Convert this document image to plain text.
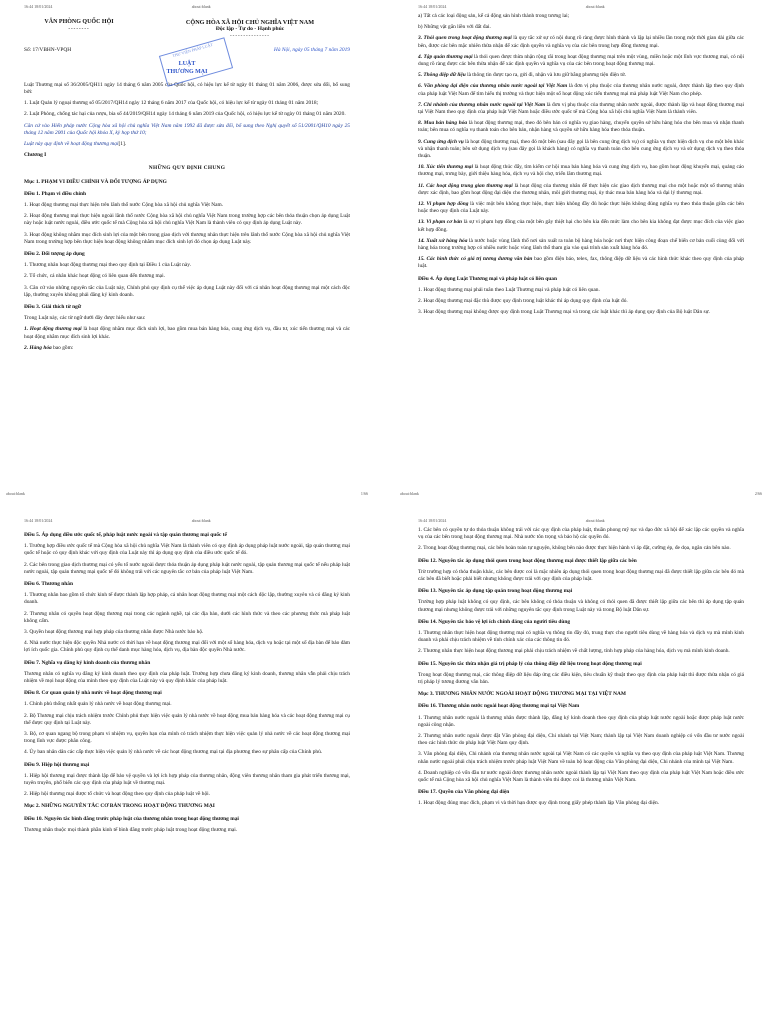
16:44 18/01/2024	about:blank
VĂN PHÒNG QUỐC HỘI
--------
CỘNG HÒA XÃ HỘI CHỦ NGHĨA VIỆT NAM
Độc lập - Tự do - Hạnh phúc
---------------
Số: 17/VBHN-VPQH	Hà Nội, ngày 05 tháng 7 năm 2019
LUẬT
THƯƠNG MẠI
THƯ VIỆN PHÁP LUẬT

Luật Thương mại số 36/2005/QH11 ngày 14 tháng 6 năm 2005 của Quốc hội, có hiệu lực kể từ ngày 01 tháng 01 năm 2006, được sửa đổi, bổ sung bởi:

1. Luật Quản lý ngoại thương số 05/2017/QH14 ngày 12 tháng 6 năm 2017 của Quốc hội, có hiệu lực kể từ ngày 01 tháng 01 năm 2018;

2. Luật Phòng, chống tác hại của rượu, bia số 44/2019/QH14 ngày 14 tháng 6 năm 2019 của Quốc hội, có hiệu lực kể từ ngày 01 tháng 01 năm 2020.

Căn cứ vào Hiến pháp nước Cộng hòa xã hội chủ nghĩa Việt Nam năm 1992 đã được sửa đổi, bổ sung theo Nghị quyết số 51/2001/QH10 ngày 25 tháng 12 năm 2001 của Quốc hội khóa X, kỳ họp thứ 10;

Luật này quy định về hoạt động thương mại[1].

Chương I
NHỮNG QUY ĐỊNH CHUNG
Mục 1. PHẠM VI ĐIỀU CHỈNH VÀ ĐỐI TƯỢNG ÁP DỤNG
Điều 1. Phạm vi điều chỉnh

1. Hoạt động thương mại thực hiện trên lãnh thổ nước Cộng hòa xã hội chủ nghĩa Việt Nam.

2. Hoạt động thương mại thực hiện ngoài lãnh thổ nước Cộng hòa xã hội chủ nghĩa Việt Nam trong trường hợp các bên thỏa thuận chọn áp dụng Luật này hoặc luật nước ngoài, điều ước quốc tế mà Cộng hòa xã hội chủ nghĩa Việt Nam là thành viên có quy định áp dụng Luật này.

3. Hoạt động không nhằm mục đích sinh lợi của một bên trong giao dịch với thương nhân thực hiện trên lãnh thổ nước Cộng hòa xã hội chủ nghĩa Việt Nam trong trường hợp bên thực hiện hoạt động không nhằm mục đích sinh lợi đó chọn áp dụng Luật này.

Điều 2. Đối tượng áp dụng

1. Thương nhân hoạt động thương mại theo quy định tại Điều 1 của Luật này.

2. Tổ chức, cá nhân khác hoạt động có liên quan đến thương mại.

3. Căn cứ vào những nguyên tắc của Luật này, Chính phủ quy định cụ thể việc áp dụng Luật này đối với cá nhân hoạt động thương mại một cách độc lập, thường xuyên không phải đăng ký kinh doanh.

Điều 3. Giải thích từ ngữ

Trong Luật này, các từ ngữ dưới đây được hiểu như sau:

1. Hoạt động thương mại là hoạt động nhằm mục đích sinh lợi, bao gồm mua bán hàng hóa, cung ứng dịch vụ, đầu tư, xúc tiến thương mại và các hoạt động nhằm mục đích sinh lợi khác.

2. Hàng hóa bao gồm:

about:blank	1/66
16:44 18/01/2024	about:blank

a) Tất cả các loại động sản, kể cả động sản hình thành trong tương lai;

b) Những vật gắn liền với đất đai.

3. Thói quen trong hoạt động thương mại là quy tắc xử sự có nội dung rõ ràng được hình thành và lặp lại nhiều lần trong một thời gian dài giữa các bên, được các bên mặc nhiên thừa nhận để xác định quyền và nghĩa vụ của các bên trong hợp đồng thương mại.

4. Tập quán thương mại là thói quen được thừa nhận rộng rãi trong hoạt động thương mại trên một vùng, miền hoặc một lĩnh vực thương mại, có nội dung rõ ràng được các bên thừa nhận để xác định quyền và nghĩa vụ của các bên trong hoạt động thương mại.

5. Thông điệp dữ liệu là thông tin được tạo ra, gửi đi, nhận và lưu giữ bằng phương tiện điện tử.

6. Văn phòng đại diện của thương nhân nước ngoài tại Việt Nam là đơn vị phụ thuộc của thương nhân nước ngoài, được thành lập theo quy định của pháp luật Việt Nam để tìm hiểu thị trường và thực hiện một số hoạt động xúc tiến thương mại mà pháp luật Việt Nam cho phép.

7. Chi nhánh của thương nhân nước ngoài tại Việt Nam là đơn vị phụ thuộc của thương nhân nước ngoài, được thành lập và hoạt động thương mại tại Việt Nam theo quy định của pháp luật Việt Nam hoặc điều ước quốc tế mà Cộng hòa xã hội chủ nghĩa Việt Nam là thành viên.

8. Mua bán hàng hóa là hoạt động thương mại, theo đó bên bán có nghĩa vụ giao hàng, chuyển quyền sở hữu hàng hóa cho bên mua và nhận thanh toán; bên mua có nghĩa vụ thanh toán cho bên bán, nhận hàng và quyền sở hữu hàng hóa theo thỏa thuận.

9. Cung ứng dịch vụ là hoạt động thương mại, theo đó một bên (sau đây gọi là bên cung ứng dịch vụ) có nghĩa vụ thực hiện dịch vụ cho một bên khác và nhận thanh toán; bên sử dụng dịch vụ (sau đây gọi là khách hàng) có nghĩa vụ thanh toán cho bên cung ứng dịch vụ và sử dụng dịch vụ theo thỏa thuận.

10. Xúc tiến thương mại là hoạt động thúc đẩy, tìm kiếm cơ hội mua bán hàng hóa và cung ứng dịch vụ, bao gồm hoạt động khuyến mại, quảng cáo thương mại, trưng bày, giới thiệu hàng hóa, dịch vụ và hội chợ, triển lãm thương mại.

11. Các hoạt động trung gian thương mại là hoạt động của thương nhân để thực hiện các giao dịch thương mại cho một hoặc một số thương nhân được xác định, bao gồm hoạt động đại diện cho thương nhân, môi giới thương mại, ủy thác mua bán hàng hóa và đại lý thương mại.

12. Vi phạm hợp đồng là việc một bên không thực hiện, thực hiện không đầy đủ hoặc thực hiện không đúng nghĩa vụ theo thỏa thuận giữa các bên hoặc theo quy định của Luật này.

13. Vi phạm cơ bản là sự vi phạm hợp đồng của một bên gây thiệt hại cho bên kia đến mức làm cho bên kia không đạt được mục đích của việc giao kết hợp đồng.

14. Xuất xứ hàng hóa là nước hoặc vùng lãnh thổ nơi sản xuất ra toàn bộ hàng hóa hoặc nơi thực hiện công đoạn chế biến cơ bản cuối cùng đối với hàng hóa trong trường hợp có nhiều nước hoặc vùng lãnh thổ tham gia vào quá trình sản xuất hàng hóa đó.

15. Các hình thức có giá trị tương đương văn bản bao gồm điện báo, telex, fax, thông điệp dữ liệu và các hình thức khác theo quy định của pháp luật.

Điều 4. Áp dụng Luật Thương mại và pháp luật có liên quan

1. Hoạt động thương mại phải tuân theo Luật Thương mại và pháp luật có liên quan.

2. Hoạt động thương mại đặc thù được quy định trong luật khác thì áp dụng quy định của luật đó.

3. Hoạt động thương mại không được quy định trong Luật Thương mại và trong các luật khác thì áp dụng quy định của Bộ luật Dân sự.

about:blank	2/66
16:44 18/01/2024	about:blank
Điều 5. Áp dụng điều ước quốc tế, pháp luật nước ngoài và tập quán thương mại quốc tế

1. Trường hợp điều ước quốc tế mà Cộng hòa xã hội chủ nghĩa Việt Nam là thành viên có quy định áp dụng pháp luật nước ngoài, tập quán thương mại quốc tế hoặc có quy định khác với quy định của Luật này thì áp dụng quy định của điều ước quốc tế đó.

2. Các bên trong giao dịch thương mại có yếu tố nước ngoài được thỏa thuận áp dụng pháp luật nước ngoài, tập quán thương mại quốc tế nếu pháp luật nước ngoài, tập quán thương mại quốc tế đó không trái với các nguyên tắc cơ bản của pháp luật Việt Nam.

Điều 6. Thương nhân

1. Thương nhân bao gồm tổ chức kinh tế được thành lập hợp pháp, cá nhân hoạt động thương mại một cách độc lập, thường xuyên và có đăng ký kinh doanh.

2. Thương nhân có quyền hoạt động thương mại trong các ngành nghề, tại các địa bàn, dưới các hình thức và theo các phương thức mà pháp luật không cấm.

3. Quyền hoạt động thương mại hợp pháp của thương nhân được Nhà nước bảo hộ.

4. Nhà nước thực hiện độc quyền Nhà nước có thời hạn về hoạt động thương mại đối với một số hàng hóa, dịch vụ hoặc tại một số địa bàn để bảo đảm lợi ích quốc gia. Chính phủ quy định cụ thể danh mục hàng hóa, dịch vụ, địa bàn độc quyền Nhà nước.

Điều 7. Nghĩa vụ đăng ký kinh doanh của thương nhân

Thương nhân có nghĩa vụ đăng ký kinh doanh theo quy định của pháp luật. Trường hợp chưa đăng ký kinh doanh, thương nhân vẫn phải chịu trách nhiệm về mọi hoạt động của mình theo quy định của Luật này và quy định khác của pháp luật.

Điều 8. Cơ quan quản lý nhà nước về hoạt động thương mại

1. Chính phủ thống nhất quản lý nhà nước về hoạt động thương mại.

2. Bộ Thương mại chịu trách nhiệm trước Chính phủ thực hiện việc quản lý nhà nước về hoạt động mua bán hàng hóa và các hoạt động thương mại cụ thể được quy định tại Luật này.

3. Bộ, cơ quan ngang bộ trong phạm vi nhiệm vụ, quyền hạn của mình có trách nhiệm thực hiện việc quản lý nhà nước về các hoạt động thương mại trong lĩnh vực được phân công.

4. Ủy ban nhân dân các cấp thực hiện việc quản lý nhà nước về các hoạt động thương mại tại địa phương theo sự phân cấp của Chính phủ.

Điều 9. Hiệp hội thương mại

1. Hiệp hội thương mại được thành lập để bảo vệ quyền và lợi ích hợp pháp của thương nhân, động viên thương nhân tham gia phát triển thương mại, tuyên truyền, phổ biến các quy định của pháp luật về thương mại.

2. Hiệp hội thương mại được tổ chức và hoạt động theo quy định của pháp luật về hội.

Mục 2. NHỮNG NGUYÊN TẮC CƠ BẢN TRONG HOẠT ĐỘNG THƯƠNG MẠI
Điều 10. Nguyên tắc bình đẳng trước pháp luật của thương nhân trong hoạt động thương mại

Thương nhân thuộc mọi thành phần kinh tế bình đẳng trước pháp luật trong hoạt động thương mại.

16:44 18/01/2024	about:blank

1. Các bên có quyền tự do thỏa thuận không trái với các quy định của pháp luật, thuần phong mỹ tục và đạo đức xã hội để xác lập các quyền và nghĩa vụ của các bên trong hoạt động thương mại. Nhà nước tôn trọng và bảo hộ các quyền đó.

2. Trong hoạt động thương mại, các bên hoàn toàn tự nguyện, không bên nào được thực hiện hành vi áp đặt, cưỡng ép, đe dọa, ngăn cản bên nào.

Điều 12. Nguyên tắc áp dụng thói quen trong hoạt động thương mại được thiết lập giữa các bên

Trừ trường hợp có thỏa thuận khác, các bên được coi là mặc nhiên áp dụng thói quen trong hoạt động thương mại đã được thiết lập giữa các bên đó mà các bên đã biết hoặc phải biết nhưng không được trái với quy định của pháp luật.

Điều 13. Nguyên tắc áp dụng tập quán trong hoạt động thương mại

Trường hợp pháp luật không có quy định, các bên không có thỏa thuận và không có thói quen đã được thiết lập giữa các bên thì áp dụng tập quán thương mại nhưng không được trái với những nguyên tắc quy định trong Luật này và trong Bộ luật Dân sự.

Điều 14. Nguyên tắc bảo vệ lợi ích chính đáng của người tiêu dùng

1. Thương nhân thực hiện hoạt động thương mại có nghĩa vụ thông tin đầy đủ, trung thực cho người tiêu dùng về hàng hóa và dịch vụ mà mình kinh doanh và phải chịu trách nhiệm về tính chính xác của các thông tin đó.

2. Thương nhân thực hiện hoạt động thương mại phải chịu trách nhiệm về chất lượng, tính hợp pháp của hàng hóa, dịch vụ mà mình kinh doanh.

Điều 15. Nguyên tắc thừa nhận giá trị pháp lý của thông điệp dữ liệu trong hoạt động thương mại

Trong hoạt động thương mại, các thông điệp dữ liệu đáp ứng các điều kiện, tiêu chuẩn kỹ thuật theo quy định của pháp luật thì được thừa nhận có giá trị pháp lý tương đương văn bản.

Mục 3. THƯƠNG NHÂN NƯỚC NGOÀI HOẠT ĐỘNG THƯƠNG MẠI TẠI VIỆT NAM
Điều 16. Thương nhân nước ngoài hoạt động thương mại tại Việt Nam

1. Thương nhân nước ngoài là thương nhân được thành lập, đăng ký kinh doanh theo quy định của pháp luật nước ngoài hoặc được pháp luật nước ngoài công nhận.

2. Thương nhân nước ngoài được đặt Văn phòng đại diện, Chi nhánh tại Việt Nam; thành lập tại Việt Nam doanh nghiệp có vốn đầu tư nước ngoài theo các hình thức do pháp luật Việt Nam quy định.

3. Văn phòng đại diện, Chi nhánh của thương nhân nước ngoài tại Việt Nam có các quyền và nghĩa vụ theo quy định của pháp luật Việt Nam. Thương nhân nước ngoài phải chịu trách nhiệm trước pháp luật Việt Nam về toàn bộ hoạt động của Văn phòng đại diện, Chi nhánh của mình tại Việt Nam.

4. Doanh nghiệp có vốn đầu tư nước ngoài được thương nhân nước ngoài thành lập tại Việt Nam theo quy định của pháp luật Việt Nam hoặc điều ước quốc tế mà Cộng hòa xã hội chủ nghĩa Việt Nam là thành viên thì được coi là thương nhân Việt Nam.

Điều 17. Quyền của Văn phòng đại diện

1. Hoạt động đúng mục đích, phạm vi và thời hạn được quy định trong giấy phép thành lập Văn phòng đại diện.
